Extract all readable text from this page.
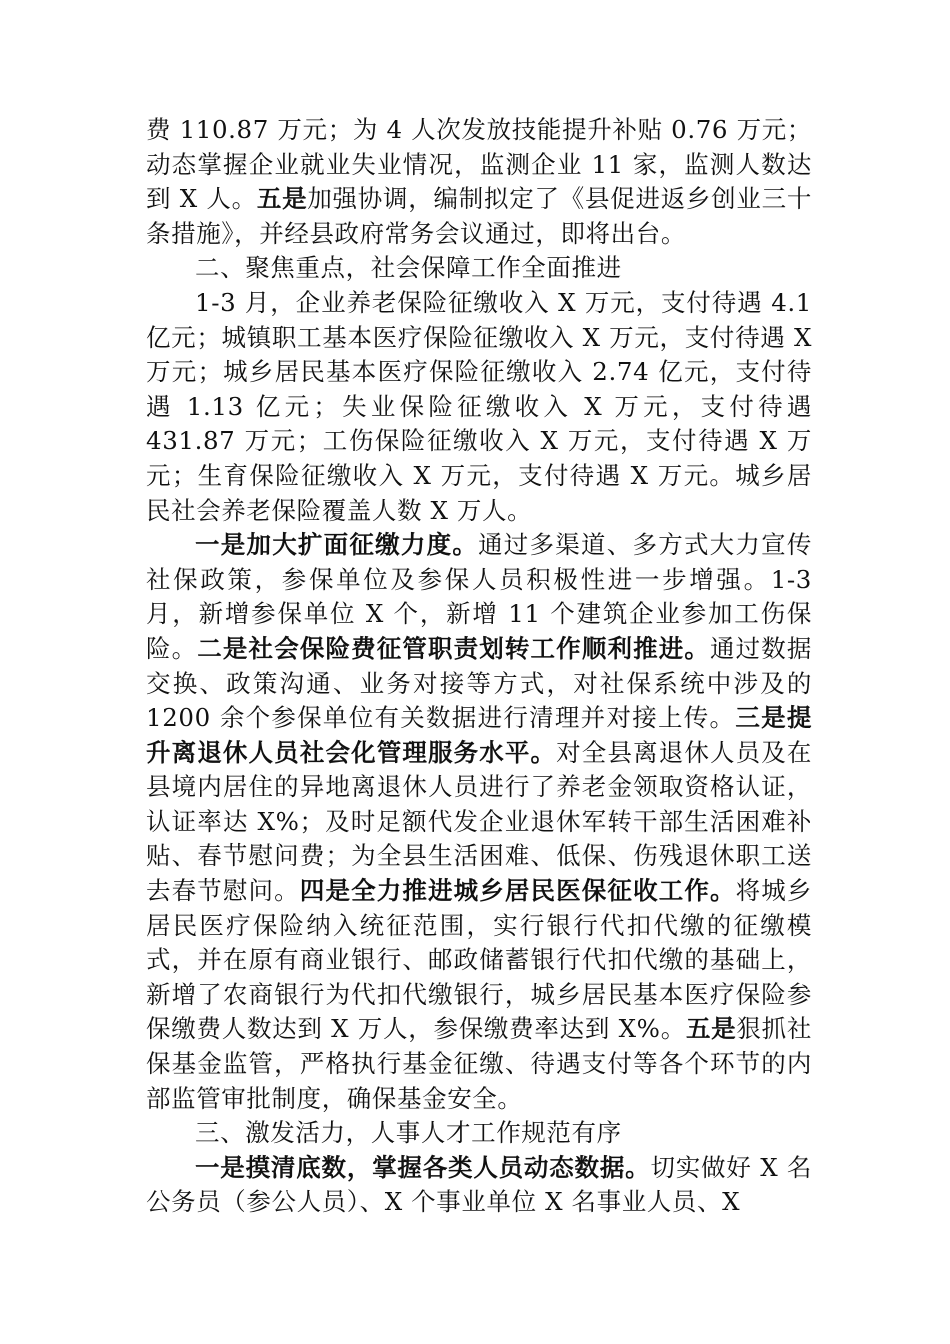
费 110.87 万元；为 4 人次发放技能提升补贴 0.76 万元；动态掌握企业就业失业情况，监测企业 11 家，监测人数达到 X 人。五是加强协调，编制拟定了《县促进返乡创业三十条措施》，并经县政府常务会议通过，即将出台。

二、聚焦重点，社会保障工作全面推进

1-3 月，企业养老保险征缴收入 X 万元，支付待遇 4.1 亿元；城镇职工基本医疗保险征缴收入 X 万元，支付待遇 X 万元；城乡居民基本医疗保险征缴收入 2.74 亿元，支付待遇 1.13 亿元；失业保险征缴收入 X 万元，支付待遇 431.87 万元；工伤保险征缴收入 X 万元，支付待遇 X 万元；生育保险征缴收入 X 万元，支付待遇 X 万元。城乡居民社会养老保险覆盖人数 X 万人。

一是加大扩面征缴力度。通过多渠道、多方式大力宣传社保政策，参保单位及参保人员积极性进一步增强。1-3 月，新增参保单位 X 个，新增 11 个建筑企业参加工伤保险。二是社会保险费征管职责划转工作顺利推进。通过数据交换、政策沟通、业务对接等方式，对社保系统中涉及的 1200 余个参保单位有关数据进行清理并对接上传。三是提升离退休人员社会化管理服务水平。对全县离退休人员及在县境内居住的异地离退休人员进行了养老金领取资格认证，认证率达 X%；及时足额代发企业退休军转干部生活困难补贴、春节慰问费；为全县生活困难、低保、伤残退休职工送去春节慰问。四是全力推进城乡居民医保征收工作。将城乡居民医疗保险纳入统征范围，实行银行代扣代缴的征缴模式，并在原有商业银行、邮政储蓄银行代扣代缴的基础上，新增了农商银行为代扣代缴银行，城乡居民基本医疗保险参保缴费人数达到 X 万人，参保缴费率达到 X%。五是狠抓社保基金监管，严格执行基金征缴、待遇支付等各个环节的内部监管审批制度，确保基金安全。

三、激发活力，人事人才工作规范有序

一是摸清底数，掌握各类人员动态数据。切实做好 X 名公务员（参公人员）、X 个事业单位 X 名事业人员、X
